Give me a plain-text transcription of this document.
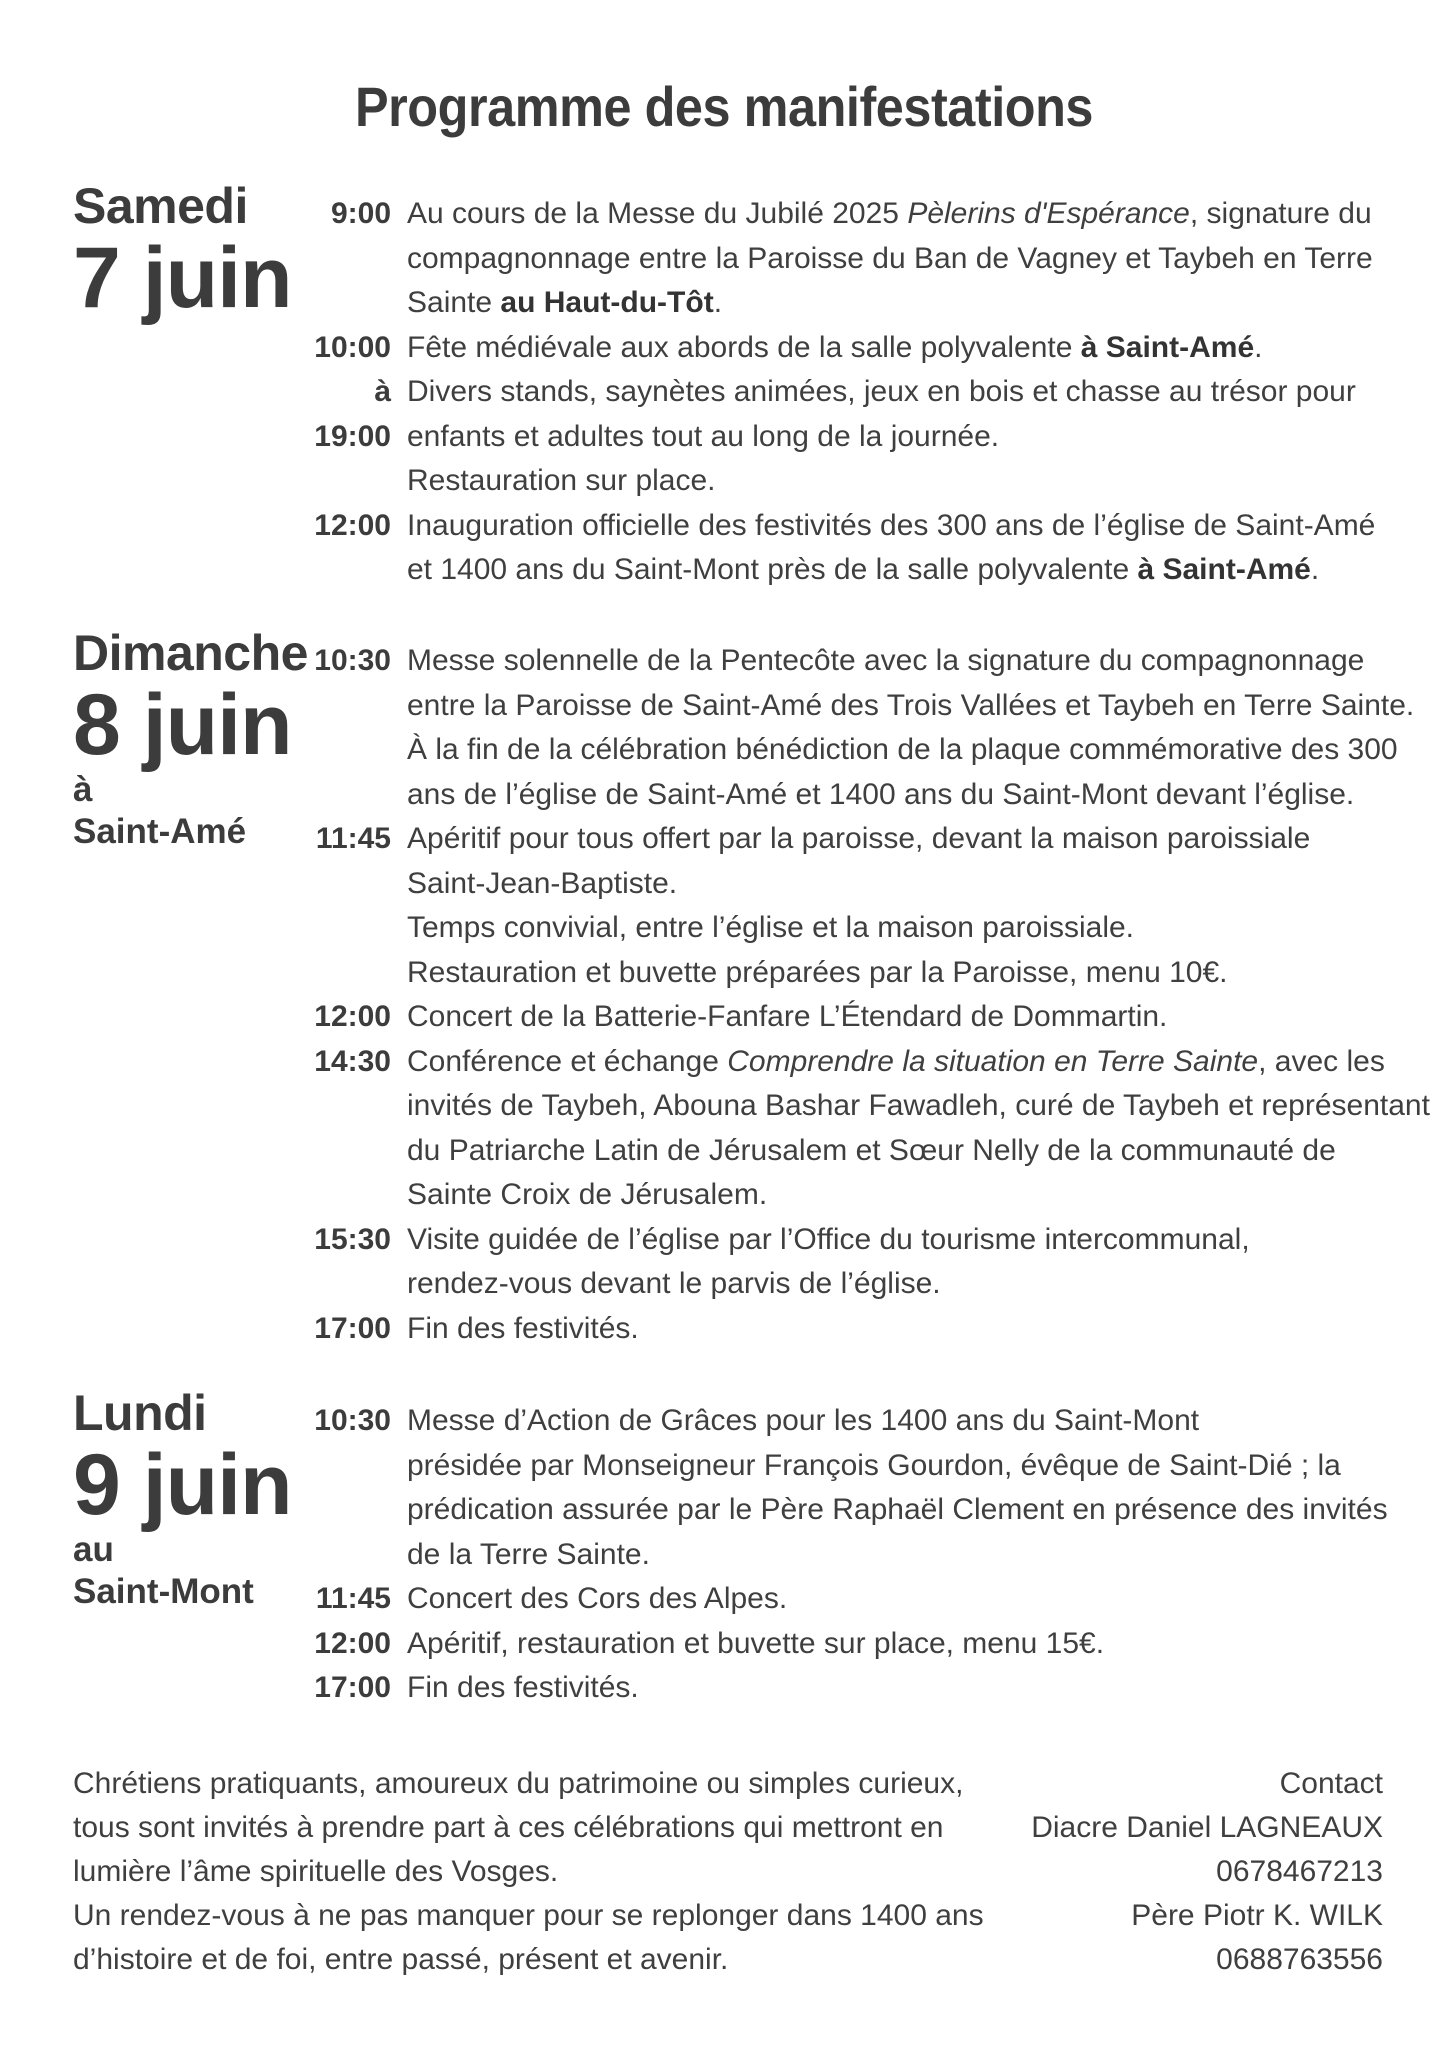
Programme des manifestations
Samedi
7 juin
9:00 Au cours de la Messe du Jubilé 2025 Pèlerins d'Espérance, signature du
compagnonnage entre la Paroisse du Ban de Vagney et Taybeh en Terre
Sainte au Haut-du-Tôt.
10:00
à
19:00
Fête médiévale aux abords de la salle polyvalente à Saint-Amé.
Divers stands, saynètes animées, jeux en bois et chasse au trésor pour
enfants et adultes tout au long de la journée.
Restauration sur place.
12:00 Inauguration officielle des festivités des 300 ans de l’église de Saint-Amé
et 1400 ans du Saint-Mont près de la salle polyvalente à Saint-Amé.
Dimanche
8 juin
à
Saint-Amé
10:30 Messe solennelle de la Pentecôte avec la signature du compagnonnage
entre la Paroisse de Saint-Amé des Trois Vallées et Taybeh en Terre Sainte.
À la fin de la célébration bénédiction de la plaque commémorative des 300
ans de l’église de Saint-Amé et 1400 ans du Saint-Mont devant l’église.
11:45 Apéritif pour tous offert par la paroisse, devant la maison paroissiale
Saint-Jean-Baptiste.
Temps convivial, entre l’église et la maison paroissiale.
Restauration et buvette préparées par la Paroisse, menu 10€.
12:00 Concert de la Batterie-Fanfare L’Étendard de Dommartin.
14:30 Conférence et échange Comprendre la situation en Terre Sainte, avec les
invités de Taybeh, Abouna Bashar Fawadleh, curé de Taybeh et représentant
du Patriarche Latin de Jérusalem et Sœur Nelly de la communauté de
Sainte Croix de Jérusalem.
15:30 Visite guidée de l’église par l’Office du tourisme intercommunal,
rendez-vous devant le parvis de l’église.
17:00 Fin des festivités.
Lundi
9 juin
au
Saint-Mont
10:30 Messe d’Action de Grâces pour les 1400 ans du Saint-Mont
présidée par Monseigneur François Gourdon, évêque de Saint-Dié ; la
prédication assurée par le Père Raphaël Clement en présence des invités
de la Terre Sainte.
11:45 Concert des Cors des Alpes.
12:00 Apéritif, restauration et buvette sur place, menu 15€.
17:00 Fin des festivités.
Chrétiens pratiquants, amoureux du patrimoine ou simples curieux,
tous sont invités à prendre part à ces célébrations qui mettront en
lumière l’âme spirituelle des Vosges.
Un rendez-vous à ne pas manquer pour se replonger dans 1400 ans
d’histoire et de foi, entre passé, présent et avenir.
Contact
Diacre Daniel LAGNEAUX
0678467213
Père Piotr K. WILK
0688763556
